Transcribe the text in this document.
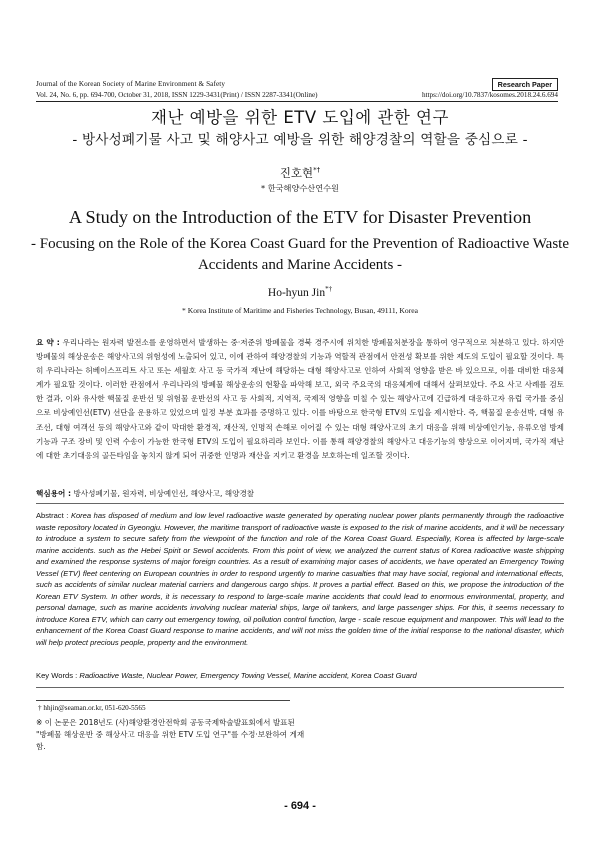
Journal of the Korean Society of Marine Environment & Safety	Research Paper
Vol. 24, No. 6, pp. 694-700, October 31, 2018, ISSN 1229-3431(Print) / ISSN 2287-3341(Online)	https://doi.org/10.7837/kosomes.2018.24.6.694
재난 예방을 위한 ETV 도입에 관한 연구
- 방사성폐기물 사고 및 해양사고 예방을 위한 해양경찰의 역할을 중심으로 -
진호현*†
* 한국해양수산연수원
A Study on the Introduction of the ETV for Disaster Prevention
- Focusing on the Role of the Korea Coast Guard for the Prevention of Radioactive Waste Accidents and Marine Accidents -
Ho-hyun Jin*†
* Korea Institute of Maritime and Fisheries Technology, Busan, 49111, Korea
요 약 : 우리나라는 원자력 발전소를 운영하면서 발생하는 중·저준위 방폐물을 경북 경주시에 위치한 방폐물처분장을 통하여 영구적으로 처분하고 있다. 하지만 방폐물의 해상운송은 해양사고의 위험성에 노출되어 있고, 이에 관하여 해양경찰의 기능과 역할적 관점에서 안전성 확보를 위한 제도의 도입이 필요할 것이다. 특히 우리나라는 허베이스프리트 사고 또는 세월호 사고 등 국가적 재난에 해당하는 대형 해양사고로 인하여 사회적 영향을 받은 바 있으므로, 이를 대비한 대응체계가 필요할 것이다. 이러한 관점에서 우리나라의 방폐물 해상운송의 현황을 파악해 보고, 외국 주요국의 대응체계에 대해서 살펴보았다. 주요 사고 사례를 검토한 결과, 이와 유사한 핵물질 운반선 및 위험물 운반선의 사고 등 사회적, 지역적, 국제적 영향을 미칠 수 있는 해양사고에 긴급하게 대응하고자 유럽 국가를 중심으로 비상예인선(ETV) 선단을 운용하고 있었으며 일정 부분 효과를 증명하고 있다. 이를 바탕으로 한국형 ETV의 도입을 제시한다. 즉, 핵물질 운송선박, 대형 유조선, 대형 여객선 등의 해양사고와 같이 막대한 환경적, 재산적, 인명적 손해로 이어질 수 있는 대형 해양사고의 초기 대응을 위해 비상예인기능, 유류오염 방제기능과 구조 장비 및 인력 수송이 가능한 한국형 ETV의 도입이 필요하리라 보인다. 이를 통해 해양경찰의 해양사고 대응기능의 향상으로 이어지며, 국가적 재난에 대한 초기대응의 골든타임을 놓치지 않게 되어 귀중한 인명과 재산을 지키고 환경을 보호하는데 일조할 것이다.
핵심용어 : 방사성폐기물, 원자력, 비상예인선, 해양사고, 해양경찰
Abstract : Korea has disposed of medium and low level radioactive waste generated by operating nuclear power plants permanently through the radioactive waste repository located in Gyeongju. However, the maritime transport of radioactive waste is exposed to the risk of marine accidents, and it will be necessary to introduce a system to secure safety from the viewpoint of the function and role of the Korea Coast Guard. Especially, Korea is affected by large-scale marine accidents. such as the Hebei Spirit or Sewol accidents. From this point of view, we analyzed the current status of Korea radioactive waste shipping and examined the response systems of major foreign countries. As a result of examining major cases of accidents, we have operated an Emergency Towing Vessel (ETV) fleet centering on European countries in order to respond urgently to marine casualties that may have social, regional and international effects, such as accidents of similar nuclear material carriers and dangerous cargo ships. It proves a partial effect. Based on this, we propose the introduction of the Korean ETV System. In other words, it is necessary to respond to large-scale marine accidents that could lead to enormous environmental, property, and personal damage, such as marine accidents involving nuclear material ships, large oil tankers, and large passenger ships. For this, it seems necessary to introduce Korea ETV, which can carry out emergency towing, oil pollution control function, large - scale rescue equipment and manpower. This will lead to the enhancement of the Korea Coast Guard response to marine accidents, and will not miss the golden time of the initial response to the national disaster, which will help protect precious people, property and the environment.
Key Words : Radioactive Waste, Nuclear Power, Emergency Towing Vessel, Marine accident, Korea Coast Guard
† hhjin@seaman.or.kr, 051-620-5565
※ 이 논문은 2018년도 (사)해양환경안전학회 공동국제학술발표회에서 발표된 "방폐물 해상운반 중 해상사고 대응을 위한 ETV 도입 연구"를 수정·보완하여 게재함.
- 694 -
